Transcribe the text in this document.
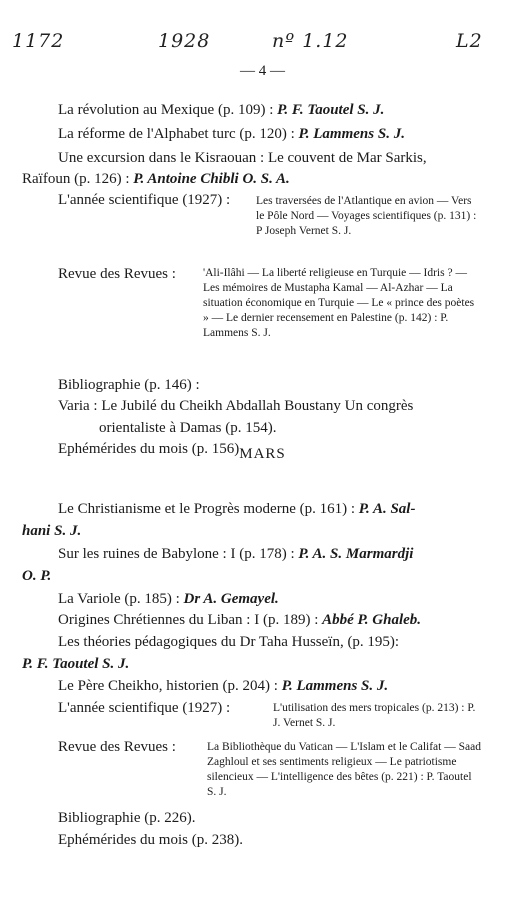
1172	1928	nº 1.12	L2
— 4 —
La révolution au Mexique (p. 109) : P. F. Taoutel S. J.
La réforme de l'Alphabet turc (p. 120) : P. Lammens S. J.
Une excursion dans le Kisraouan : Le couvent de Mar Sarkis,
Raïfoun (p. 126) : P. Antoine Chibli O. S. A.
L'année scientifique (1927) : Les traversées de l'Atlantique en avion — Vers le Pôle Nord — Voyages scientifiques (p. 131) : P Joseph Vernet S. J.
Revue des Revues : 'Ali-Ilâhi — La liberté religieuse en Turquie — Idris ? — Les mémoires de Mustapha Kamal — Al-Azhar — La situation économique en Turquie — Le « prince des poètes » — Le dernier recensement en Palestine (p. 142) : P. Lammens S. J.
Bibliographie (p. 146) :
Varia : Le Jubilé du Cheikh Abdallah Boustany Un congrès
orientaliste à Damas (p. 154).
Ephémérides du mois (p. 156) MARS
Le Christianisme et le Progrès moderne (p. 161) : P. A. Sal-
hani S. J.
Sur les ruines de Babylone : I (p. 178) : P. A. S. Marmardji
O. P.
La Variole (p. 185) : Dr A. Gemayel.
Origines Chrétiennes du Liban : I (p. 189) : Abbé P. Ghaleb.
Les théories pédagogiques du Dr Taha Husseïn, (p. 195):
P. F. Taoutel S. J.
Le Père Cheikho, historien (p. 204) : P. Lammens S. J.
L'année scientifique (1927) :	L'utilisation des mers tropicales (p. 213) : P. J. Vernet S. J.
Revue des Revues :	La Bibliothèque du Vatican — L'Islam et le Califat — Saad Zaghloul et ses sentiments religieux — Le patriotisme silencieux — L'intelligence des bêtes (p. 221) : P. Taoutel S. J.
Bibliographie (p. 226).
Ephémérides du mois (p. 238).
